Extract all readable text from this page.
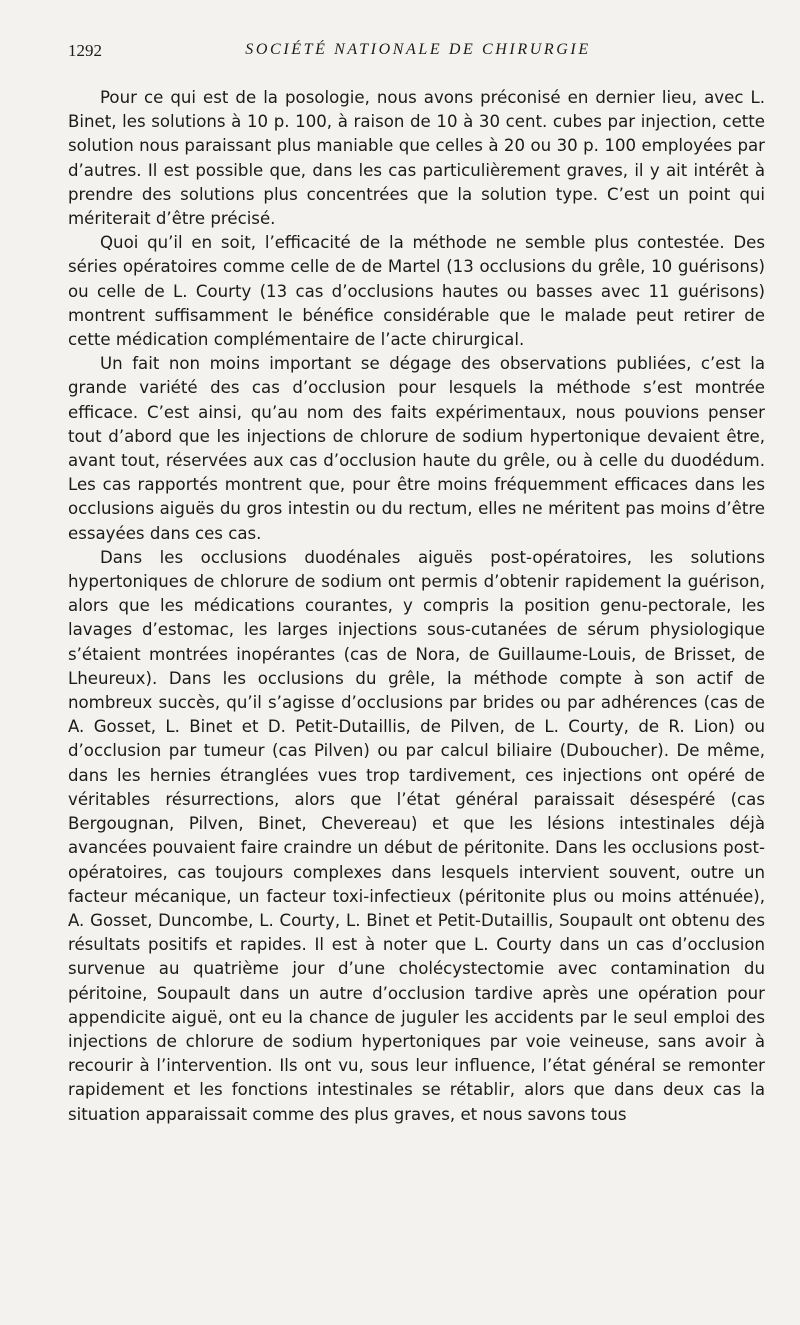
1292	SOCIÉTÉ NATIONALE DE CHIRURGIE

Pour ce qui est de la posologie, nous avons préconisé en dernier lieu, avec L. Binet, les solutions à 10 p. 100, à raison de 10 à 30 cent. cubes par injection, cette solution nous paraissant plus maniable que celles à 20 ou 30 p. 100 employées par d’autres. Il est possible que, dans les cas particulièrement graves, il y ait intérêt à prendre des solutions plus concentrées que la solution type. C’est un point qui mériterait d’être précisé.

Quoi qu’il en soit, l’efficacité de la méthode ne semble plus contestée. Des séries opératoires comme celle de de Martel (13 occlusions du grêle, 10 guérisons) ou celle de L. Courty (13 cas d’occlusions hautes ou basses avec 11 guérisons) montrent suffisamment le bénéfice considérable que le malade peut retirer de cette médication complémentaire de l’acte chirurgical.

Un fait non moins important se dégage des observations publiées, c’est la grande variété des cas d’occlusion pour lesquels la méthode s’est montrée efficace. C’est ainsi, qu’au nom des faits expérimentaux, nous pouvions penser tout d’abord que les injections de chlorure de sodium hypertonique devaient être, avant tout, réservées aux cas d’occlusion haute du grêle, ou à celle du duodédum. Les cas rapportés montrent que, pour être moins fréquemment efficaces dans les occlusions aiguës du gros intestin ou du rectum, elles ne méritent pas moins d’être essayées dans ces cas.

Dans les occlusions duodénales aiguës post-opératoires, les solutions hypertoniques de chlorure de sodium ont permis d’obtenir rapidement la guérison, alors que les médications courantes, y compris la position genu-pectorale, les lavages d’estomac, les larges injections sous-cutanées de sérum physiologique s’étaient montrées inopérantes (cas de Nora, de Guillaume-Louis, de Brisset, de Lheureux). Dans les occlusions du grêle, la méthode compte à son actif de nombreux succès, qu’il s’agisse d’occlusions par brides ou par adhérences (cas de A. Gosset, L. Binet et D. Petit-Dutaillis, de Pilven, de L. Courty, de R. Lion) ou d’occlusion par tumeur (cas Pilven) ou par calcul biliaire (Duboucher). De même, dans les hernies étranglées vues trop tardivement, ces injections ont opéré de véritables résurrections, alors que l’état général paraissait désespéré (cas Bergougnan, Pilven, Binet, Chevereau) et que les lésions intestinales déjà avancées pouvaient faire craindre un début de péritonite. Dans les occlusions post-opératoires, cas toujours complexes dans lesquels intervient souvent, outre un facteur mécanique, un facteur toxi-infectieux (péritonite plus ou moins atténuée), A. Gosset, Duncombe, L. Courty, L. Binet et Petit-Dutaillis, Soupault ont obtenu des résultats positifs et rapides. Il est à noter que L. Courty dans un cas d’occlusion survenue au quatrième jour d’une cholécystectomie avec contamination du péritoine, Soupault dans un autre d’occlusion tardive après une opération pour appendicite aiguë, ont eu la chance de juguler les accidents par le seul emploi des injections de chlorure de sodium hypertoniques par voie veineuse, sans avoir à recourir à l’intervention. Ils ont vu, sous leur influence, l’état général se remonter rapidement et les fonctions intestinales se rétablir, alors que dans deux cas la situation apparaissait comme des plus graves, et nous savons tous
